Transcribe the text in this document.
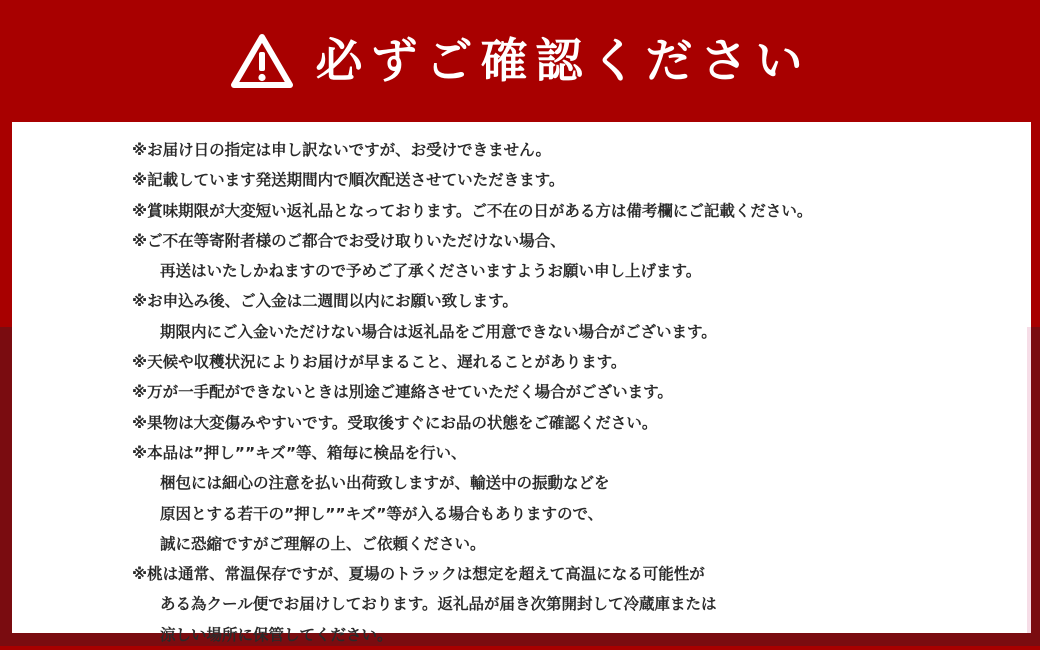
必ずご確認ください
※お届け日の指定は申し訳ないですが、お受けできません。
※記載しています発送期間内で順次配送させていただきます。
※賞味期限が大変短い返礼品となっております。ご不在の日がある方は備考欄にご記載ください。
※ご不在等寄附者様のご都合でお受け取りいただけない場合、
再送はいたしかねますので予めご了承くださいますようお願い申し上げます。
※お申込み後、ご入金は二週間以内にお願い致します。
期限内にご入金いただけない場合は返礼品をご用意できない場合がございます。
※天候や収穫状況によりお届けが早まること、遅れることがあります。
※万が一手配ができないときは別途ご連絡させていただく場合がございます。
※果物は大変傷みやすいです。受取後すぐにお品の状態をご確認ください。
※本品は”押し””キズ”等、箱毎に検品を行い、
梱包には細心の注意を払い出荷致しますが、輸送中の振動などを
原因とする若干の”押し””キズ”等が入る場合もありますので、
誠に恐縮ですがご理解の上、ご依頼ください。
※桃は通常、常温保存ですが、夏場のトラックは想定を超えて高温になる可能性が
ある為クール便でお届けしております。返礼品が届き次第開封して冷蔵庫または
涼しい場所に保管してください。
